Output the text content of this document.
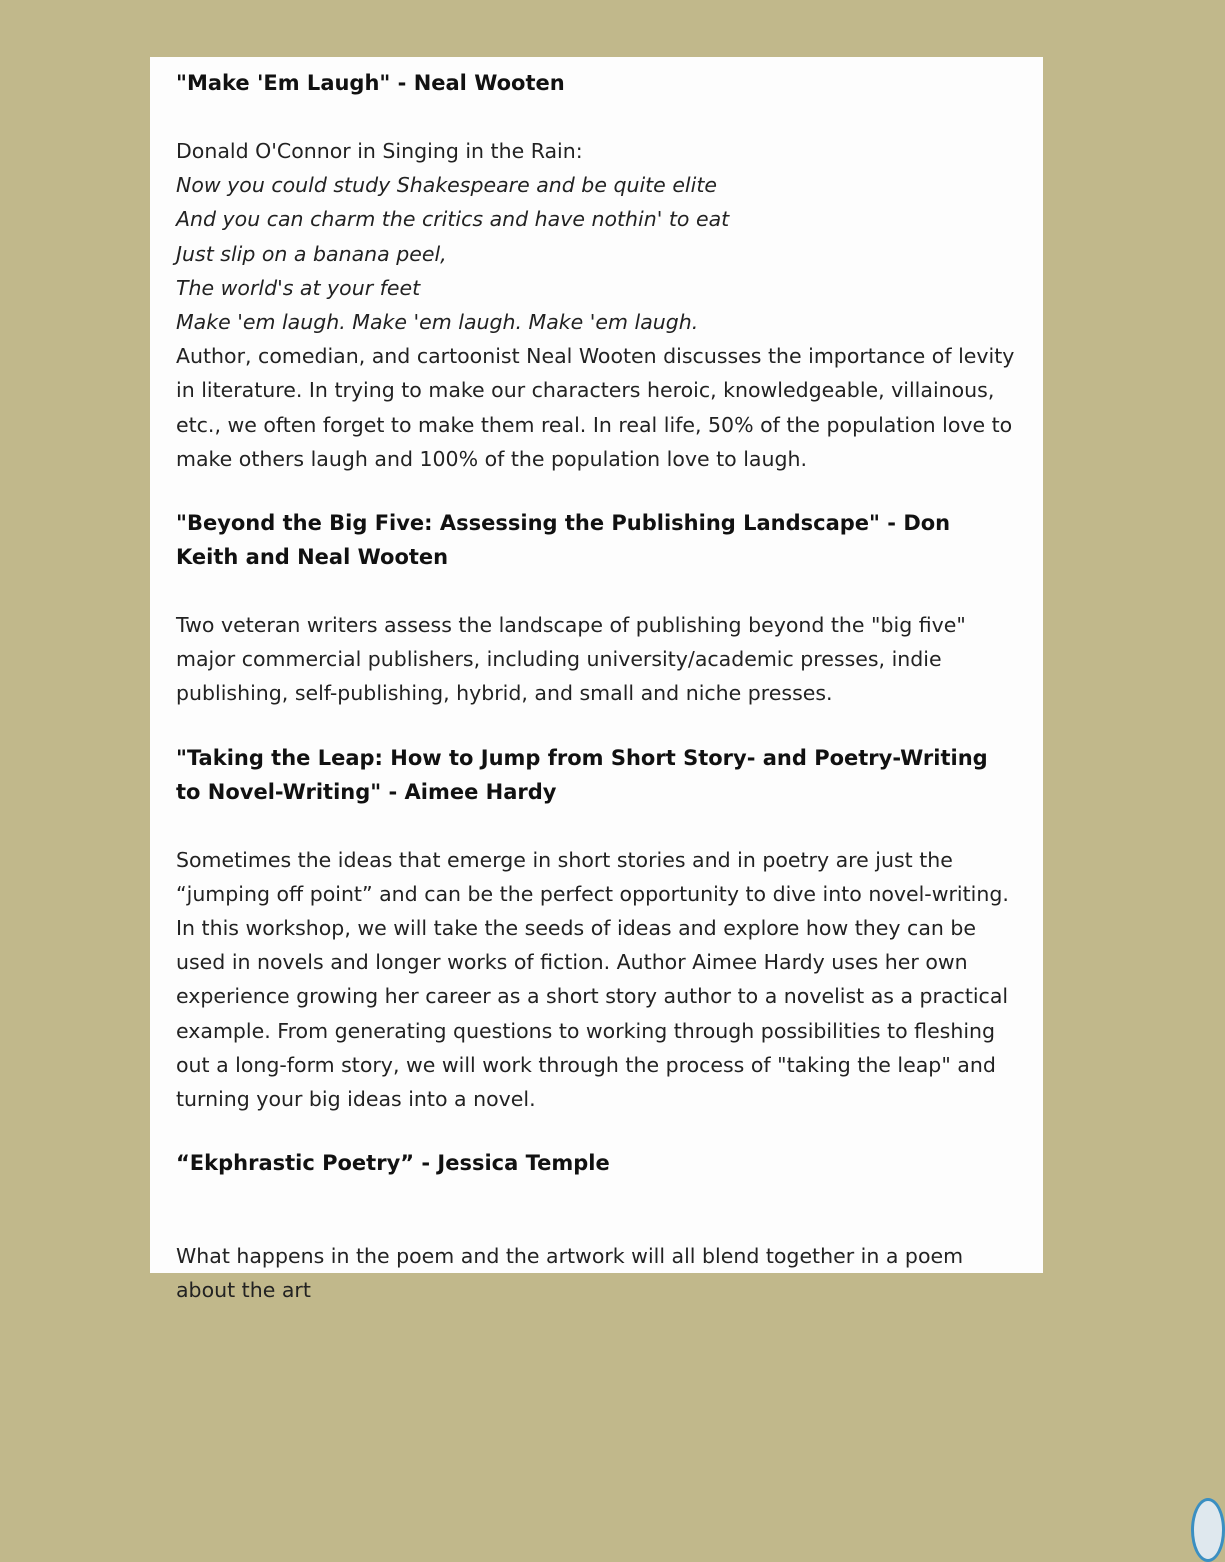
"Make 'Em Laugh" - Neal Wooten

Donald O'Connor in Singing in the Rain:

Now you could study Shakespeare and be quite elite

And you can charm the critics and have nothin' to eat

Just slip on a banana peel,

The world's at your feet

Make 'em laugh. Make 'em laugh. Make 'em laugh.

Author, comedian, and cartoonist Neal Wooten discusses the importance of levity in literature. In trying to make our characters heroic, knowledgeable, villainous, etc., we often forget to make them real. In real life, 50% of the population love to make others laugh and 100% of the population love to laugh.

"Beyond the Big Five: Assessing the Publishing Landscape" - Don Keith and Neal Wooten

Two veteran writers assess the landscape of publishing beyond the "big five" major commercial publishers, including university/academic presses, indie publishing, self-publishing, hybrid, and small and niche presses.

"Taking the Leap: How to Jump from Short Story- and Poetry-Writing to Novel-Writing" - Aimee Hardy

Sometimes the ideas that emerge in short stories and in poetry are just the “jumping off point” and can be the perfect opportunity to dive into novel-writing. In this workshop, we will take the seeds of ideas and explore how they can be used in novels and longer works of fiction. Author Aimee Hardy uses her own experience growing her career as a short story author to a novelist as a practical example. From generating questions to working through possibilities to fleshing out a long-form story, we will work through the process of "taking the leap" and turning your big ideas into a novel.

“Ekphrastic Poetry” - Jessica Temple

What happens in the poem and the artwork will all blend together in a poem about the art
